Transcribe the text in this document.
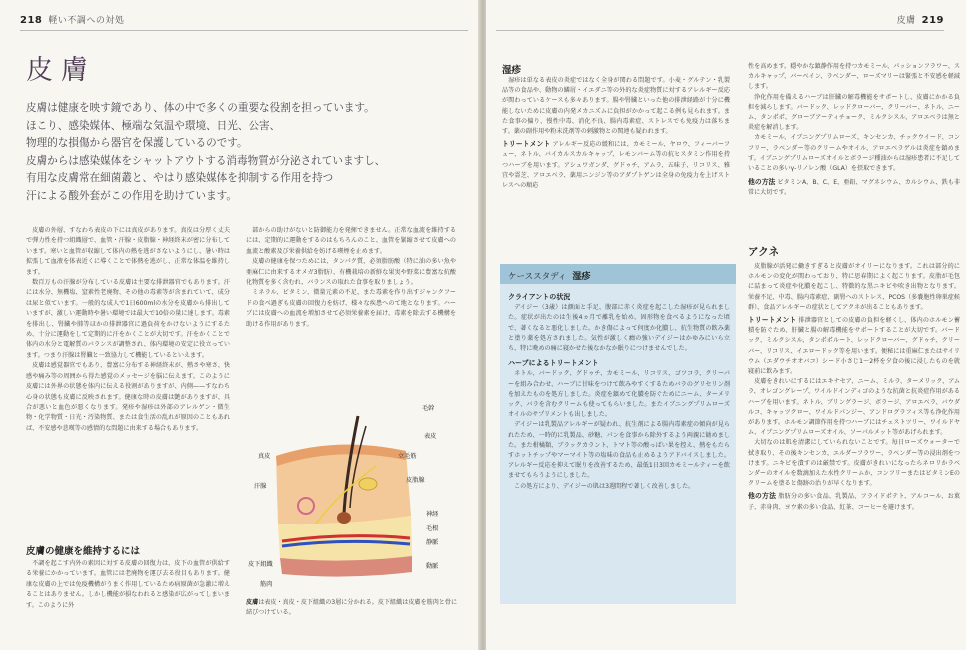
218 軽い不調への対処
皮膚
皮膚は健康を映す鏡であり、体の中で多くの重要な役割を担っています。
ほこり、感染媒体、極端な気温や環境、日光、公害、
物理的な損傷から器官を保護しているのです。
皮膚からは感染媒体をシャットアウトする消毒物質が分泌されていますし、
有用な皮膚常在細菌叢と、やはり感染媒体を抑制する作用を持つ
汗による酸外套がこの作用を助けています。

皮膚の外層、すなわち表皮の下には真皮があります。真皮は分厚く丈夫で弾力性を持つ組織層で、血管・汗腺・皮脂腺・神経終末が密に分布しています。寒いと血管が収縮して体内の熱を逃がさないようにし、暑い時は拡張して血液を体表近くに導くことで体熱を逃がし、正常な体温を維持します。

数百万もの汗腺が分布している皮膚は主要な排泄器官でもあります。汗には水分、無機塩、窒素性老廃物、その他の毒素等が含まれていて、成分は尿と似ています。一般的な成人で1日600mlの水分を皮膚から排出していますが、激しい運動時や暑い環境では最大で10倍の量に達します。毒素を排出し、腎臓や肺等ほかの排泄器官に過負荷をかけないようにするため、十分に運動をして定期的に汗をかくことが大切です。汗をかくことで体内の水分と電解質のバランスが調整され、体内環境の安定に役立っています。つまり汗腺は腎臓と一致協力して機能しているといえます。

皮膚は感覚器官でもあり、豊富に分布する神経終末が、熱さや寒さ、快感や痛み等の周囲から得た感覚のメッセージを脳に伝えます。このように皮膚には外界の状態を体内に伝える役割がありますが、内側——すなわち心身の状態も皮膚に反映されます。健康な時の皮膚は艶がありますが、具合が悪いと血色が悪くなります。発疹や湿疹は外部のアレルゲン・微生物・化学物質・日光・汚染物質、または食生活の乱れが原因のこともあれば、不安感や悲嘆等の感情的な問題に由来する場合もあります。

部からの助けがないと防御能力を発揮できません。正常な血流を維持するには、定期的に運動をするのはもちろんのこと、血管を緊縮させて皮膚への血流と酸素及び栄養供給を妨げる喫煙を止めます。

皮膚の健康を保つためには、タンパク質、必須脂肪酸（特に油の多い魚や亜麻仁に由来するオメガ3脂肪）、有機栽培の新鮮な果実や野菜に豊富な抗酸化物質を多く含むれ、バランスの取れた食事を取りましょう。

ミネラル、ビタミン、微量元素の不足、また毒素を作り出すジャンクフードの食べ過ぎも皮膚の回復力を妨げ、様々な疾患へのて地となります。ハーブには皮膚への血流を増加させて必須栄養素を届け、毒素を除去する機構を助ける作用があります。

皮膚の健康を維持するには

不調を起こす内外の素因に対する皮膚の回復力は、皮下の血管が供給する栄養にかかっています。血管には老廃物を運び去る役目もあります。健康な皮膚の上では免疫機構がうまく作用しているため病原菌が急激に増えることはありません。しかし機能が損なわれると感染が広がってしまいます。このように外

毛幹
表皮
真皮	立毛筋
汗腺
皮脂腺
神経
毛根
静脈
皮下組織	動脈
筋肉
皮膚は表皮・真皮・皮下組織の3層に分かれる。皮下組織は皮膚を筋肉と骨に結びつけている。
皮膚 219
湿疹

湿疹は単なる表皮の炎症ではなく全身が関わる問題です。小麦・グルテン・乳製品等の食品や、動物の鱗屑・イエダニ等の外的な炎症物質に対するアレルギー反応が関わっているケースも多々あります。腸や腎臓といった他の排泄経路が十分に機能しないために皮膚の内発メカニズムに負担がかかって起こる例も見られます。また食事の偏り、慢性中毒、消化不良、腸内毒素症、ストレスでも免疫力は落ちます。薬の副作用や粉末洗剤等の刺激物との関連も疑われます。

トリートメント アレルギー反応の緩和には、カモミール、ヤロウ、フィーバーフュー、ネトル、バイカルスカルキャップ、レモンバーム等の抗ヒスタミン作用を持つハーブを用います。アシュワガンダ、グドゥチ、アムラ、五味子、リコリス、雅宜や霊芝、アロエベラ、薬用ニンジン等のアダプトゲンは全身の免疫力を上げストレスへの順応

ケーススタディ 湿疹
クライアントの状況

デイジー（3歳）は顔面と手足、腹部に赤く炎症を起こした湿疹が見られました。症状が出たのは生後4ヵ月で離乳を始め、固形物を食べるようになった頃で、著くなると悪化しました。かき傷によって何度か化膿し、抗生物質の飲み薬と塗り薬を処方されました。気性が激しく癇の強いデイジーはかゆみにいら立ち、特に晩めの痛に寝かせた後なかなか眠りにつけませんでした。

ハーブによるトリートメント

ネトル、バードック、グドゥチ、カモミール、リコリス、ゴツコラ、クリーバーを組み合わせ、ハーブに甘味をつけて飲みやすくするためバラのグリセリン剤を加えたものを処方しました。炎症を鎮めて化膿を防ぐためにニーム、ターメリック、バラを含むクリームも使ってもらいました。またイブニングプリムローズオイルのサプリメントも出しました。

デイジーは乳製品アレルギーが疑われ、抗生剤による腸内毒素症の傾向が見られたため、一時的に乳製品、砂糖、パンを食事から除外するよう両親に勧めました。また柑橘類、ブラックカラント、トマト等の酸っぱい果を控え、熱をもたらすホットチップやマーマイト等の塩味の食品も止めるようアドバイスしました。アレルギー反応を抑えて眠りを改善するため、最低1日3回カモミールティーを飲ませてもらうようにしました。

この処方により、デイジーの肌は3週間程で著しく改善しました。

性を高めます。穏やかな鎮静作用を持つカモミール、パッションフラワー、スカルキャップ、バーベイン、ラベンダー、ローズマリーは緊張と不安感を軽減します。

浄化作用を備えるハーブは肝臓の解毒機能をサポートし、皮膚にかかる負担を減らします。バードック、レッドクローバー、クリーバー、ネトル、ニーム、タンポポ、グローブアーティチョーク、ミルクシスル、アロエベラは無と炎症を解消します。

カモミール、イブニングプリムローズ、キンセンカ、チックウイード、コンフリー、ラベンダー等のクリームやオイル、アロエベラゲルは炎症を鎮めます。イブニングプリムローズオイルとボラージ種油からは湿疹患者に不足していることの多いγ-リノレン酸（GLA）を摂取できます。

他の方法 ビタミンA、B、C、E、亜鉛、マグネシウム、カルシウム、鉄も非常に大切です。

アクネ

皮脂腺が活発に働きすぎると皮膚がオイリーになります。これは部分的にホルモンの変化が関わっており、特に思春期によく起こります。皮脂が毛包に詰まって炎症や化膿を起こし、特徴的な黒ニキビや吹き出物となります。栄養不足、中毒、腸内毒素症、副腎へのストレス、PCOS（多嚢胞性卵巣症候群）、食品アレルギーの症状としてアクネが出ることもあります。

トリートメント 排泄器官としての皮膚の負担を軽くし、体内のホルモン蓄積を防ぐため、肝臓と腸の解毒機能をサポートすることが大切です。バードック、ミルクシスル、タンポポルート、レッドクローバー、グドゥチ、クリーバー、リコリス、イエロードック等を用います。便秘には重麻仁またはサイリウム（エダウチオオバコ）シード小さじ1～2杯を夕食の後に浸したものを就寝前に飲みます。

皮膚をきれいにするにはエキナセア、ニーム、ミルラ、ターメリック、アムラ、オレゴングレープ、ワイルドインディゴのような抗菌と抗炎症作用があるハーブを用います。ネトル、ブリングラージ、ボラージ、アロエベラ、バウダルコ、キャッツクロー、ワイルドパンジー、アンドログラフィス等も浄化作用があります。ホルモン調節作用を持つハーブにはチェストツリー、ワイルドヤム、イブニングプリムローズオイル、ソーパルメット等があげられます。

大切なのは肌を清潔にしていられないことです。毎日ローズウォーターで拭き取り、その後キンセンカ、エルダーフラワー、ラベンダー等の浸出剤をつけます。ニキビを潰すのは厳禁です。皮膚がきれいになったらネロリかラベンダーのオイルを数滴加えた水性クリームか、コンフリーまたはビタミンEのクリームを塗ると傷跡の治りが早くなります。

他の方法 脂肪分の多い食品、乳製品、フライドポテト、アルコール、お菓子、赤身肉、ヨウ素の多い食品、紅茶、コーヒーを避けます。
